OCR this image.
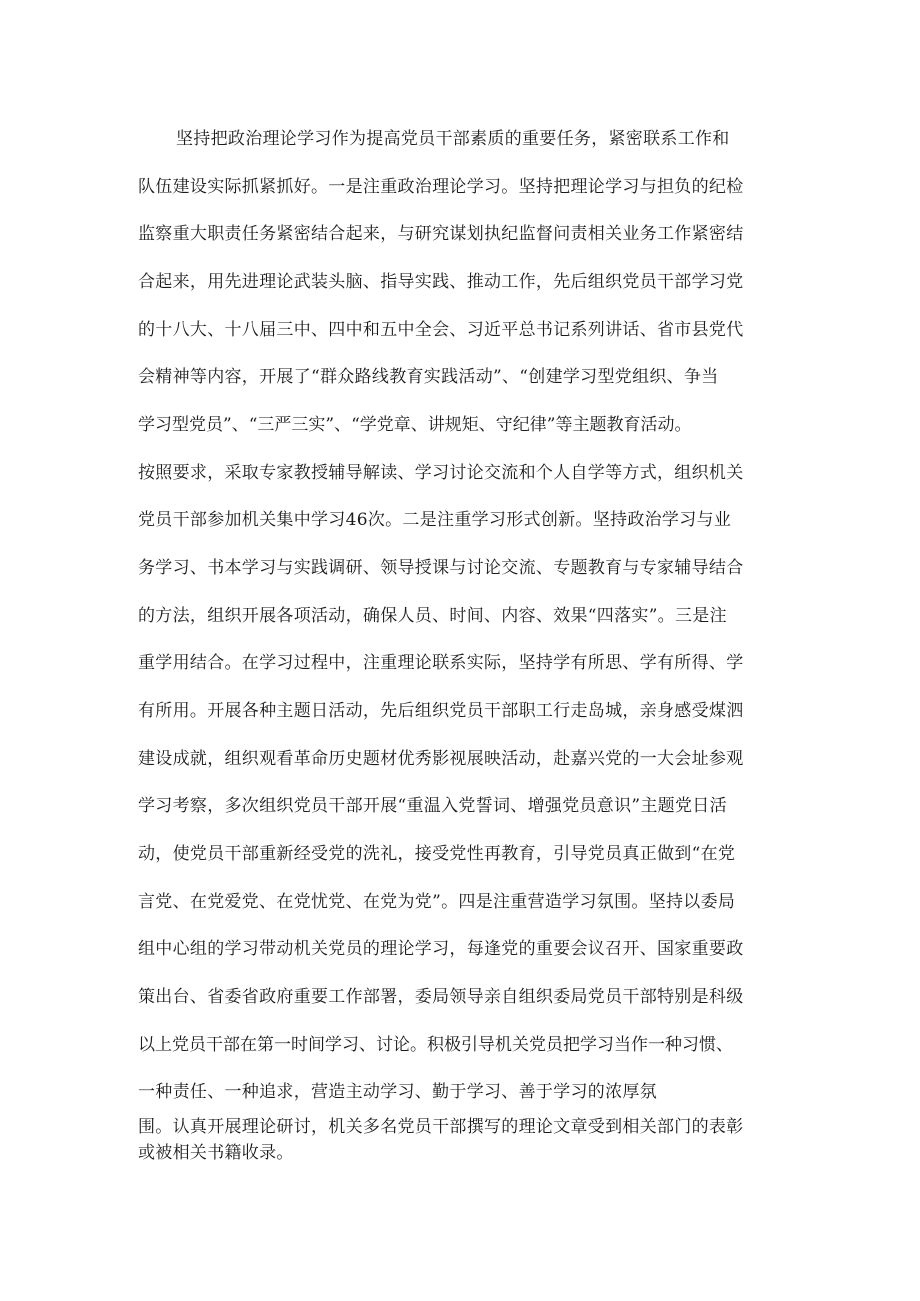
坚持把政治理论学习作为提高党员干部素质的重要任务，紧密联系工作和
队伍建设实际抓紧抓好。一是注重政治理论学习。坚持把理论学习与担负的纪检
监察重大职责任务紧密结合起来，与研究谋划执纪监督问责相关业务工作紧密结
合起来，用先进理论武装头脑、指导实践、推动工作，先后组织党员干部学习党
的十八大、十八届三中、四中和五中全会、习近平总书记系列讲话、省市县党代
会精神等内容，开展了“群众路线教育实践活动”、“创建学习型党组织、争当
学习型党员”、“三严三实”、“学党章、讲规矩、守纪律”等主题教育活动。
按照要求，采取专家教授辅导解读、学习讨论交流和个人自学等方式，组织机关
党员干部参加机关集中学习46次。二是注重学习形式创新。坚持政治学习与业
务学习、书本学习与实践调研、领导授课与讨论交流、专题教育与专家辅导结合
的方法，组织开展各项活动，确保人员、时间、内容、效果“四落实”。三是注
重学用结合。在学习过程中，注重理论联系实际，坚持学有所思、学有所得、学
有所用。开展各种主题日活动，先后组织党员干部职工行走岛城，亲身感受煤泗
建设成就，组织观看革命历史题材优秀影视展映活动，赴嘉兴党的一大会址参观
学习考察，多次组织党员干部开展“重温入党誓词、增强党员意识”主题党日活
动，使党员干部重新经受党的洗礼，接受党性再教育，引导党员真正做到“在党
言党、在党爱党、在党忧党、在党为党”。四是注重营造学习氛围。坚持以委局
组中心组的学习带动机关党员的理论学习，每逢党的重要会议召开、国家重要政
策出台、省委省政府重要工作部署，委局领导亲自组织委局党员干部特别是科级
以上党员干部在第一时间学习、讨论。积极引导机关党员把学习当作一种习惯、
一种责任、一种追求，营造主动学习、勤于学习、善于学习的浓厚氛
围。认真开展理论研讨，机关多名党员干部撰写的理论文章受到相关部门的表彰
或被相关书籍收录。
